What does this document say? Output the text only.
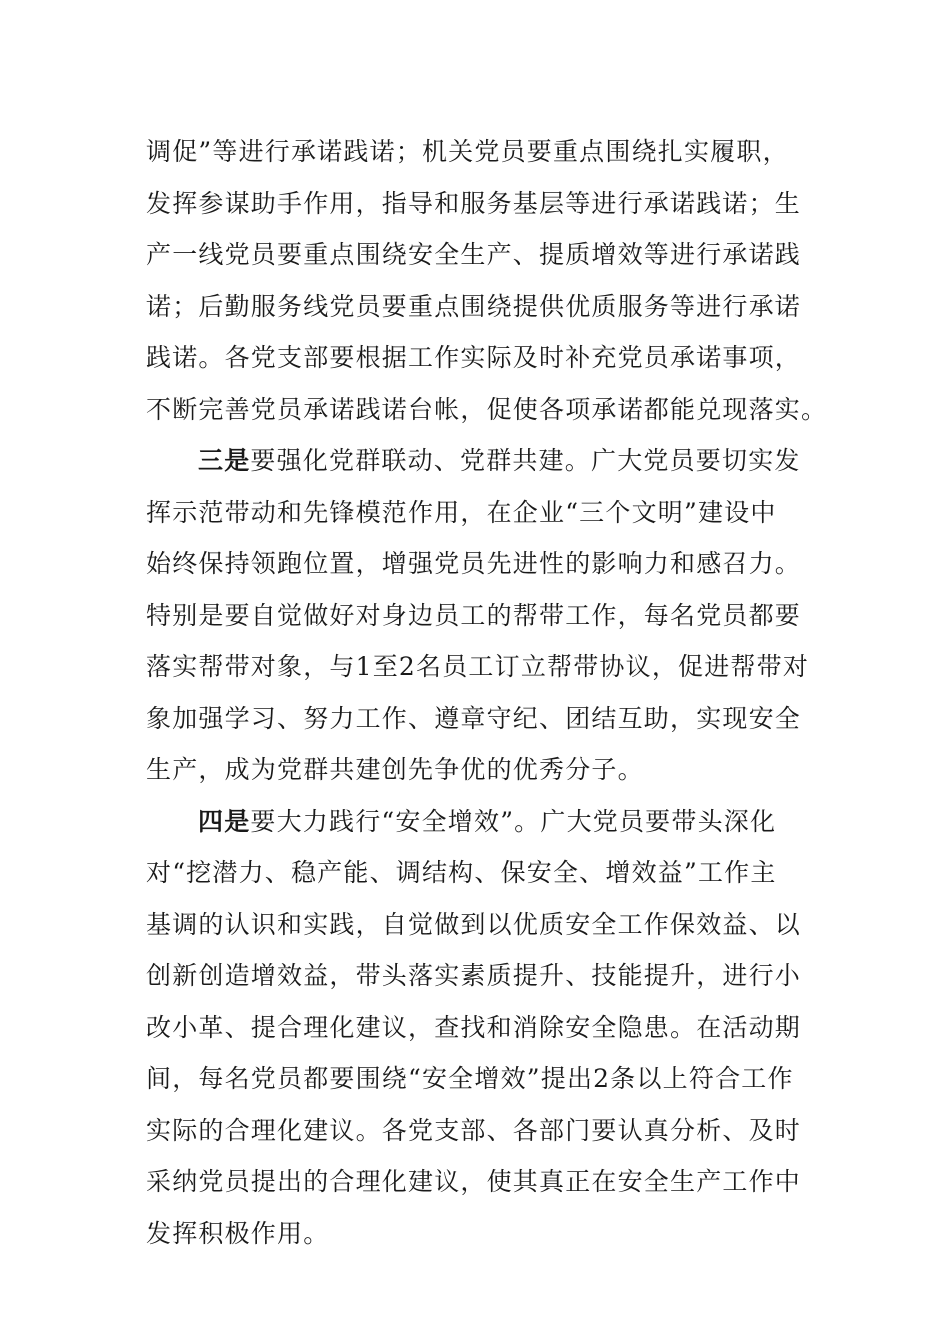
调促”等进行承诺践诺；机关党员要重点围绕扎实履职，
发挥参谋助手作用，指导和服务基层等进行承诺践诺；生
产一线党员要重点围绕安全生产、提质增效等进行承诺践
诺；后勤服务线党员要重点围绕提供优质服务等进行承诺
践诺。各党支部要根据工作实际及时补充党员承诺事项，
不断完善党员承诺践诺台帐，促使各项承诺都能兑现落实。
三是要强化党群联动、党群共建。广大党员要切实发
挥示范带动和先锋模范作用，在企业“三个文明”建设中
始终保持领跑位置，增强党员先进性的影响力和感召力。
特别是要自觉做好对身边员工的帮带工作，每名党员都要
落实帮带对象，与1至2名员工订立帮带协议，促进帮带对
象加强学习、努力工作、遵章守纪、团结互助，实现安全
生产，成为党群共建创先争优的优秀分子。
四是要大力践行“安全增效”。广大党员要带头深化
对“挖潜力、稳产能、调结构、保安全、增效益”工作主
基调的认识和实践，自觉做到以优质安全工作保效益、以
创新创造增效益，带头落实素质提升、技能提升，进行小
改小革、提合理化建议，查找和消除安全隐患。在活动期
间，每名党员都要围绕“安全增效”提出2条以上符合工作
实际的合理化建议。各党支部、各部门要认真分析、及时
采纳党员提出的合理化建议，使其真正在安全生产工作中
发挥积极作用。
